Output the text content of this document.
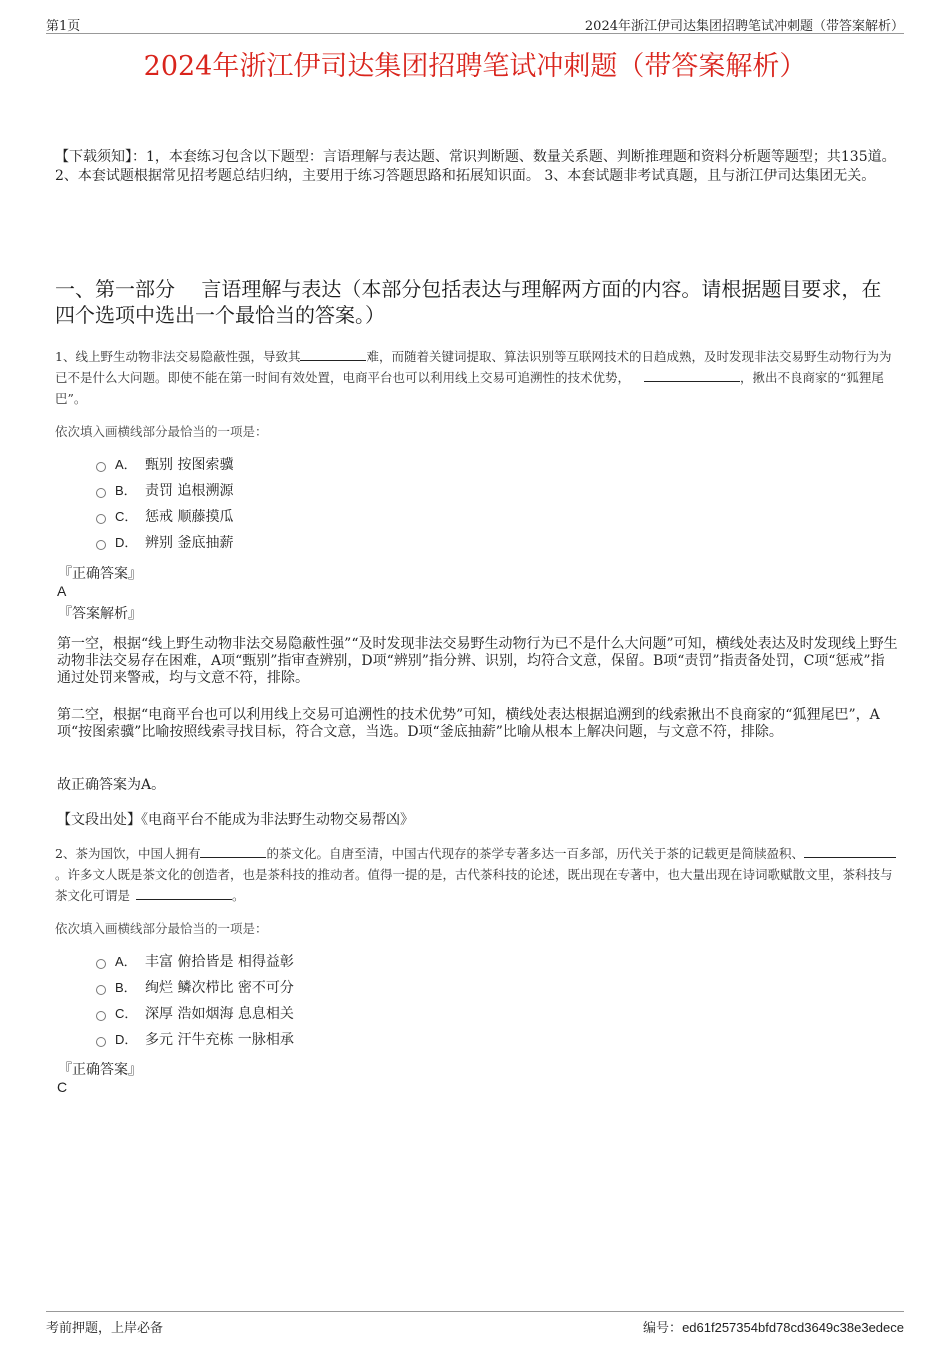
第1页	2024年浙江伊司达集团招聘笔试冲刺题（带答案解析）
2024年浙江伊司达集团招聘笔试冲刺题（带答案解析）
【下载须知】：1，本套练习包含以下题型：言语理解与表达题、常识判断题、数量关系题、判断推理题和资料分析题等题型；共135道。 2、本套试题根据常见招考题总结归纳，主要用于练习答题思路和拓展知识面。 3、本套试题非考试真题，且与浙江伊司达集团无关。
一、第一部分　 言语理解与表达（本部分包括表达与理解两方面的内容。请根据题目要求，在四个选项中选出一个最恰当的答案。）
1、线上野生动物非法交易隐蔽性强，导致其	难，而随着关键词提取、算法识别等互联网技术的日趋成熟，及时发现非法交易野生动物行为为已不是什么大问题。即使不能在第一时间有效处置，电商平台也可以利用线上交易可追溯性的技术优势，	，揪出不良商家的“狐狸尾巴”。
依次填入画横线部分最恰当的一项是：
A． 甄别 按图索骥
B． 责罚 追根溯源
C． 惩戒 顺藤摸瓜
D． 辨别 釜底抽薪
『正确答案』
A
『答案解析』
第一空，根据“线上野生动物非法交易隐蔽性强”“及时发现非法交易野生动物行为已不是什么大问题”可知，横线处表达及时发现线上野生动物非法交易存在困难，A项“甄别”指审查辨别，D项“辨别”指分辨、识别，均符合文意，保留。B项“责罚”指责备处罚，C项“惩戒”指通过处罚来警戒，均与文意不符，排除。
第二空，根据“电商平台也可以利用线上交易可追溯性的技术优势”可知，横线处表达根据追溯到的线索揪出不良商家的“狐狸尾巴”，A项“按图索骥”比喻按照线索寻找目标，符合文意，当选。D项“釜底抽薪”比喻从根本上解决问题，与文意不符，排除。
故正确答案为A。
【文段出处】《电商平台不能成为非法野生动物交易帮凶》
2、茶为国饮，中国人拥有	的茶文化。自唐至清，中国古代现存的茶学专著多达一百多部，历代关于茶的记载更是简牍盈积、。许多文人既是茶文化的创造者，也是茶科技的推动者。值得一提的是，古代茶科技的论述，既出现在专著中，也大量出现在诗词歌赋散文里，茶科技与茶文化可谓是	。
依次填入画横线部分最恰当的一项是：
A． 丰富 俯拾皆是 相得益彰
B． 绚烂 鳞次栉比 密不可分
C． 深厚 浩如烟海 息息相关
D． 多元 汗牛充栋 一脉相承
『正确答案』
C
考前押题，上岸必备	编号：ed61f257354bfd78cd3649c38e3edece
